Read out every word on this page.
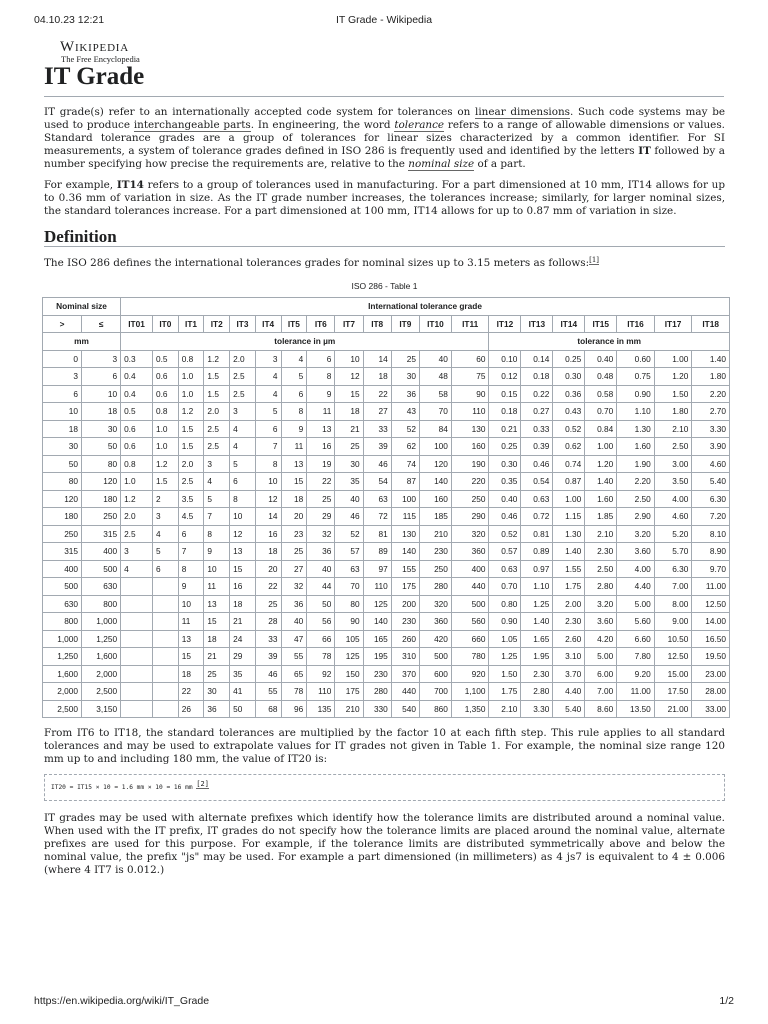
04.10.23 12:21	IT Grade - Wikipedia
Wikipedia
The Free Encyclopedia
IT Grade

IT grade(s) refer to an internationally accepted code system for tolerances on linear dimensions. Such code systems may be used to produce interchangeable parts. In engineering, the word tolerance refers to a range of allowable dimensions or values. Standard tolerance grades are a group of tolerances for linear sizes characterized by a common identifier. For SI measurements, a system of tolerance grades defined in ISO 286 is frequently used and identified by the letters IT followed by a number specifying how precise the requirements are, relative to the nominal size of a part.

For example, IT14 refers to a group of tolerances used in manufacturing. For a part dimensioned at 10 mm, IT14 allows for up to 0.36 mm of variation in size. As the IT grade number increases, the tolerances increase; similarly, for larger nominal sizes, the standard tolerances increase. For a part dimensioned at 100 mm, IT14 allows for up to 0.87 mm of variation in size.

Definition

The ISO 286 defines the international tolerances grades for nominal sizes up to 3.15 meters as follows:[1]

ISO 286 - Table 1
Nominal size		International tolerance grade																			
>	≤	IT01	IT0	IT1	IT2	IT3	IT4	IT5	IT6	IT7	IT8	IT9	IT10	IT11	IT12	IT13	IT14	IT15	IT16	IT17	IT18
mm		tolerance in µm													tolerance in mm						
0	3	0.3	0.5	0.8	1.2	2.0	3	4	6	10	14	25	40	60	0.10	0.14	0.25	0.40	0.60	1.00	1.40
3	6	0.4	0.6	1.0	1.5	2.5	4	5	8	12	18	30	48	75	0.12	0.18	0.30	0.48	0.75	1.20	1.80
6	10	0.4	0.6	1.0	1.5	2.5	4	6	9	15	22	36	58	90	0.15	0.22	0.36	0.58	0.90	1.50	2.20
10	18	0.5	0.8	1.2	2.0	3	5	8	11	18	27	43	70	110	0.18	0.27	0.43	0.70	1.10	1.80	2.70
18	30	0.6	1.0	1.5	2.5	4	6	9	13	21	33	52	84	130	0.21	0.33	0.52	0.84	1.30	2.10	3.30
30	50	0.6	1.0	1.5	2.5	4	7	11	16	25	39	62	100	160	0.25	0.39	0.62	1.00	1.60	2.50	3.90
50	80	0.8	1.2	2.0	3	5	8	13	19	30	46	74	120	190	0.30	0.46	0.74	1.20	1.90	3.00	4.60
80	120	1.0	1.5	2.5	4	6	10	15	22	35	54	87	140	220	0.35	0.54	0.87	1.40	2.20	3.50	5.40
120	180	1.2	2	3.5	5	8	12	18	25	40	63	100	160	250	0.40	0.63	1.00	1.60	2.50	4.00	6.30
180	250	2.0	3	4.5	7	10	14	20	29	46	72	115	185	290	0.46	0.72	1.15	1.85	2.90	4.60	7.20
250	315	2.5	4	6	8	12	16	23	32	52	81	130	210	320	0.52	0.81	1.30	2.10	3.20	5.20	8.10
315	400	3	5	7	9	13	18	25	36	57	89	140	230	360	0.57	0.89	1.40	2.30	3.60	5.70	8.90
400	500	4	6	8	10	15	20	27	40	63	97	155	250	400	0.63	0.97	1.55	2.50	4.00	6.30	9.70
500	630			9	11	16	22	32	44	70	110	175	280	440	0.70	1.10	1.75	2.80	4.40	7.00	11.00
630	800			10	13	18	25	36	50	80	125	200	320	500	0.80	1.25	2.00	3.20	5.00	8.00	12.50
800	1,000			11	15	21	28	40	56	90	140	230	360	560	0.90	1.40	2.30	3.60	5.60	9.00	14.00
1,000	1,250			13	18	24	33	47	66	105	165	260	420	660	1.05	1.65	2.60	4.20	6.60	10.50	16.50
1,250	1,600			15	21	29	39	55	78	125	195	310	500	780	1.25	1.95	3.10	5.00	7.80	12.50	19.50
1,600	2,000			18	25	35	46	65	92	150	230	370	600	920	1.50	2.30	3.70	6.00	9.20	15.00	23.00
2,000	2,500			22	30	41	55	78	110	175	280	440	700	1,100	1.75	2.80	4.40	7.00	11.00	17.50	28.00
2,500	3,150			26	36	50	68	96	135	210	330	540	860	1,350	2.10	3.30	5.40	8.60	13.50	21.00	33.00

From IT6 to IT18, the standard tolerances are multiplied by the factor 10 at each fifth step. This rule applies to all standard tolerances and may be used to extrapolate values for IT grades not given in Table 1. For example, the nominal size range 120 mm up to and including 180 mm, the value of IT20 is:

IT20 = IT15 × 10 = 1.6 mm × 10 = 16 mm [2]

IT grades may be used with alternate prefixes which identify how the tolerance limits are distributed around a nominal value. When used with the IT prefix, IT grades do not specify how the tolerance limits are placed around the nominal value, alternate prefixes are used for this purpose. For example, if the tolerance limits are distributed symmetrically above and below the nominal value, the prefix "js" may be used. For example a part dimensioned (in millimeters) as 4 js7 is equivalent to 4 ± 0.006 (where 4 IT7 is 0.012.)

https://en.wikipedia.org/wiki/IT_Grade	1/2
